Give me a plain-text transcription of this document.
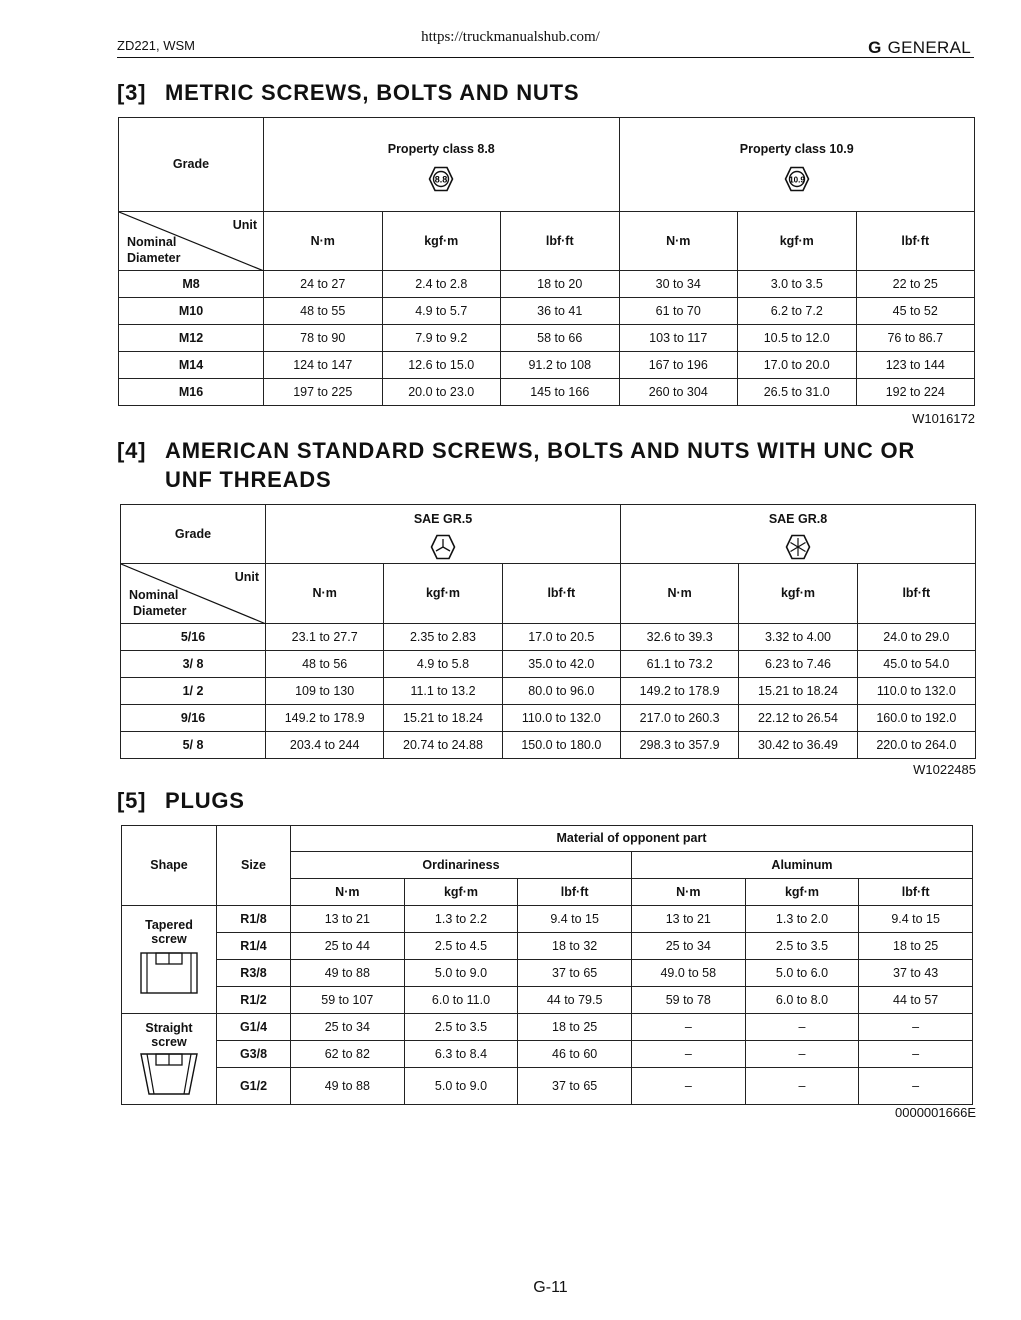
https://truckmanualshub.com/
ZD221, WSM	G GENERAL
[3] METRIC SCREWS, BOLTS AND NUTS
Grade	Property class 8.8
8.8			Property class 10.9
10.9		

Unit
Nominal
Diameter	N·m	kgf·m	lbf·ft	N·m	kgf·m	lbf·ft
M8	24 to 27	2.4 to 2.8	18 to 20	30 to 34	3.0 to 3.5	22 to 25
M10	48 to 55	4.9 to 5.7	36 to 41	61 to 70	6.2 to 7.2	45 to 52
M12	78 to 90	7.9 to 9.2	58 to 66	103 to 117	10.5 to 12.0	76 to 86.7
M14	124 to 147	12.6 to 15.0	91.2 to 108	167 to 196	17.0 to 20.0	123 to 144
M16	197 to 225	20.0 to 23.0	145 to 166	260 to 304	26.5 to 31.0	192 to 224
W1016172
[4] AMERICAN STANDARD SCREWS, BOLTS AND NUTS WITH UNC OR
UNF THREADS
Grade	SAE GR.5			SAE GR.8		

Unit
Nominal
Diameter	N·m	kgf·m	lbf·ft	N·m	kgf·m	lbf·ft
5/16	23.1 to 27.7	2.35 to 2.83	17.0 to 20.5	32.6 to 39.3	3.32 to 4.00	24.0 to 29.0
3/ 8	48 to 56	4.9 to 5.8	35.0 to 42.0	61.1 to 73.2	6.23 to 7.46	45.0 to 54.0
1/ 2	109 to 130	11.1 to 13.2	80.0 to 96.0	149.2 to 178.9	15.21 to 18.24	110.0 to 132.0
9/16	149.2 to 178.9	15.21 to 18.24	110.0 to 132.0	217.0 to 260.3	22.12 to 26.54	160.0 to 192.0
5/ 8	203.4 to 244	20.74 to 24.88	150.0 to 180.0	298.3 to 357.9	30.42 to 36.49	220.0 to 264.0
W1022485
[5] PLUGS
Shape	Size	Material of opponent part					
		Ordinariness			Aluminum		
		N·m	kgf·m	lbf·ft	N·m	kgf·m	lbf·ft

Tapered
screw	R1/8	13 to 21	1.3 to 2.2	9.4 to 15	13 to 21	1.3 to 2.0	9.4 to 15
	R1/4	25 to 44	2.5 to 4.5	18 to 32	25 to 34	2.5 to 3.5	18 to 25
	R3/8	49 to 88	5.0 to 9.0	37 to 65	49.0 to 58	5.0 to 6.0	37 to 43
	R1/2	59 to 107	6.0 to 11.0	44 to 79.5	59 to 78	6.0 to 8.0	44 to 57

Straight
screw	G1/4	25 to 34	2.5 to 3.5	18 to 25	–	–	–
	G3/8	62 to 82	6.3 to 8.4	46 to 60	–	–	–
	G1/2	49 to 88	5.0 to 9.0	37 to 65	–	–	–
0000001666E
G-11
